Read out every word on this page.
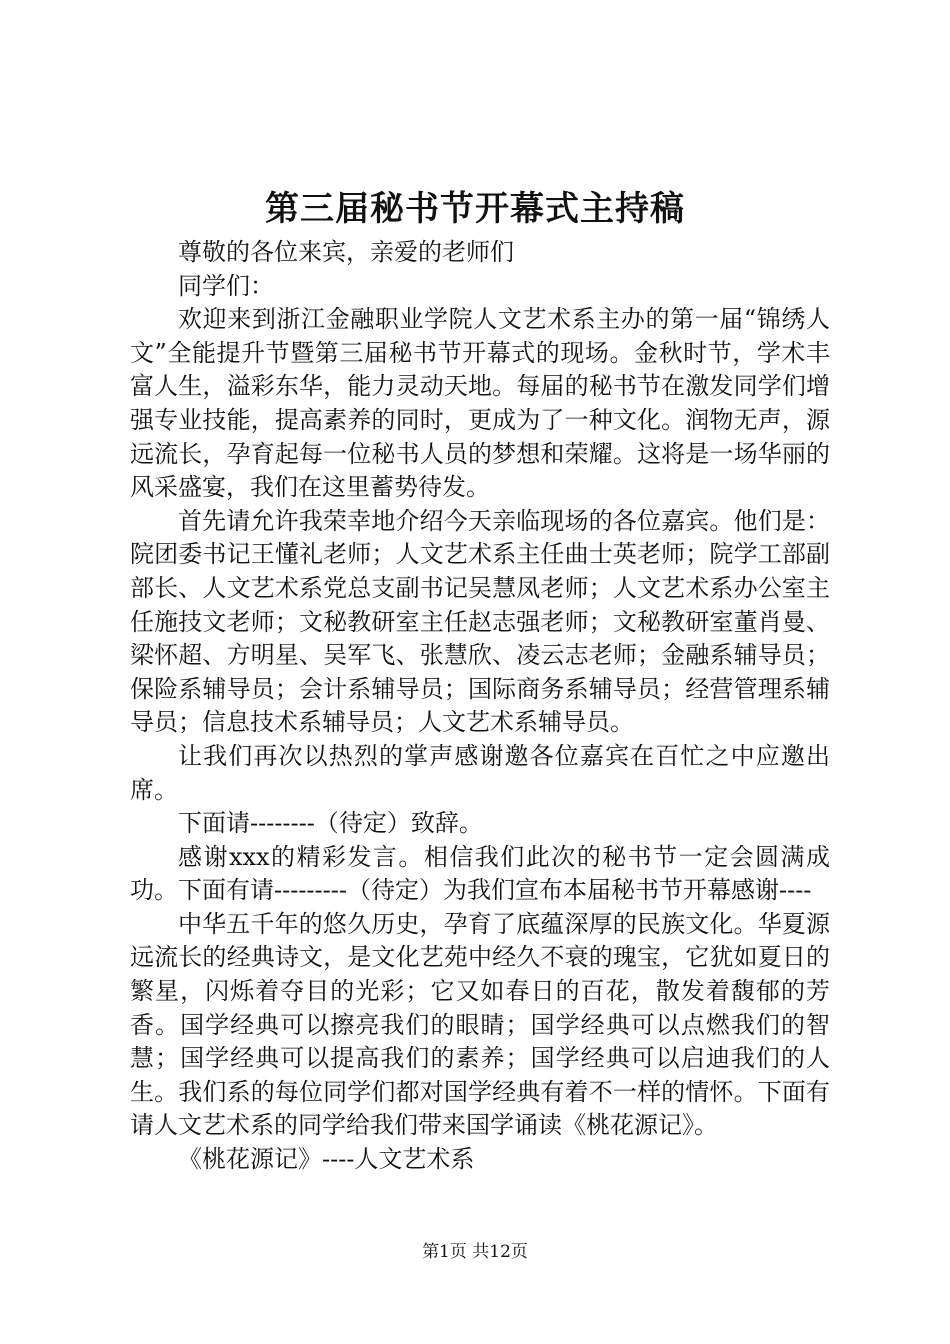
第三届秘书节开幕式主持稿

尊敬的各位来宾，亲爱的老师们

同学们：

欢迎来到浙江金融职业学院人文艺术系主办的第一届“锦绣人文”全能提升节暨第三届秘书节开幕式的现场。金秋时节，学术丰富人生，溢彩东华，能力灵动天地。每届的秘书节在激发同学们增强专业技能，提高素养的同时，更成为了一种文化。润物无声，源远流长，孕育起每一位秘书人员的梦想和荣耀。这将是一场华丽的风采盛宴，我们在这里蓄势待发。

首先请允许我荣幸地介绍今天亲临现场的各位嘉宾。他们是：院团委书记王懂礼老师；人文艺术系主任曲士英老师；院学工部副部长、人文艺术系党总支副书记吴慧凤老师；人文艺术系办公室主任施技文老师；文秘教研室主任赵志强老师；文秘教研室董肖曼、梁怀超、方明星、吴军飞、张慧欣、凌云志老师；金融系辅导员；保险系辅导员；会计系辅导员；国际商务系辅导员；经营管理系辅导员；信息技术系辅导员；人文艺术系辅导员。

让我们再次以热烈的掌声感谢邀各位嘉宾在百忙之中应邀出席。

下面请--------（待定）致辞。

感谢xxx的精彩发言。相信我们此次的秘书节一定会圆满成功。下面有请---------（待定）为我们宣布本届秘书节开幕感谢----

中华五千年的悠久历史，孕育了底蕴深厚的民族文化。华夏源远流长的经典诗文，是文化艺苑中经久不衰的瑰宝，它犹如夏日的繁星，闪烁着夺目的光彩；它又如春日的百花，散发着馥郁的芳香。国学经典可以擦亮我们的眼睛；国学经典可以点燃我们的智慧；国学经典可以提高我们的素养；国学经典可以启迪我们的人生。我们系的每位同学们都对国学经典有着不一样的情怀。下面有请人文艺术系的同学给我们带来国学诵读《桃花源记》。

《桃花源记》----人文艺术系

第1页 共12页
